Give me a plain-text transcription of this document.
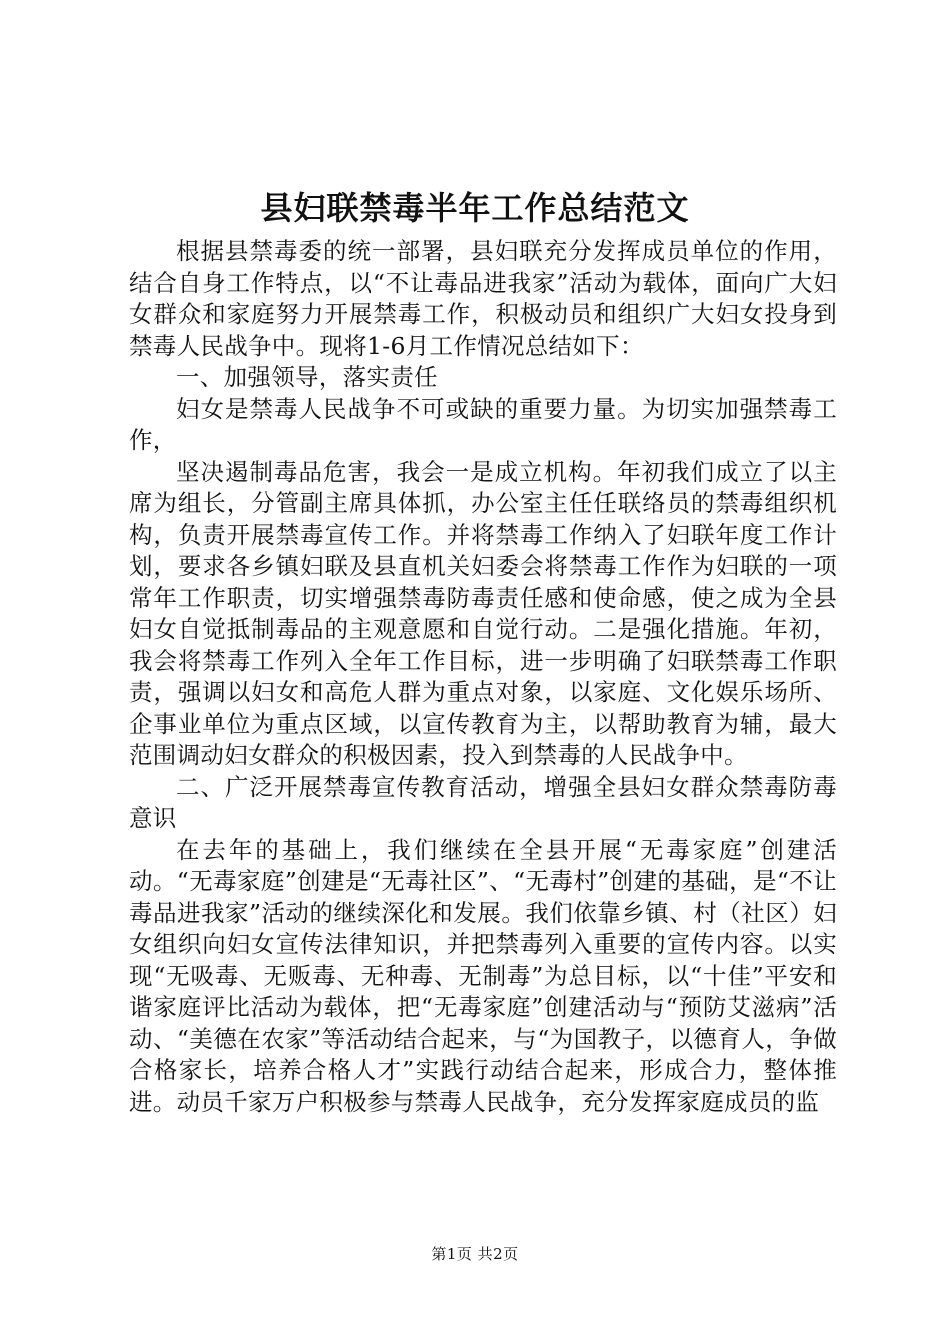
县妇联禁毒半年工作总结范文

根据县禁毒委的统一部署，县妇联充分发挥成员单位的作用，结合自身工作特点，以“不让毒品进我家”活动为载体，面向广大妇女群众和家庭努力开展禁毒工作，积极动员和组织广大妇女投身到禁毒人民战争中。现将1-6月工作情况总结如下：

一、加强领导，落实责任

妇女是禁毒人民战争不可或缺的重要力量。为切实加强禁毒工作，

坚决遏制毒品危害，我会一是成立机构。年初我们成立了以主席为组长，分管副主席具体抓，办公室主任任联络员的禁毒组织机构，负责开展禁毒宣传工作。并将禁毒工作纳入了妇联年度工作计划，要求各乡镇妇联及县直机关妇委会将禁毒工作作为妇联的一项常年工作职责，切实增强禁毒防毒责任感和使命感，使之成为全县妇女自觉抵制毒品的主观意愿和自觉行动。二是强化措施。年初，我会将禁毒工作列入全年工作目标，进一步明确了妇联禁毒工作职责，强调以妇女和高危人群为重点对象，以家庭、文化娱乐场所、企事业单位为重点区域，以宣传教育为主，以帮助教育为辅，最大范围调动妇女群众的积极因素，投入到禁毒的人民战争中。

二、广泛开展禁毒宣传教育活动，增强全县妇女群众禁毒防毒意识

在去年的基础上，我们继续在全县开展“无毒家庭”创建活动。“无毒家庭”创建是“无毒社区”、“无毒村”创建的基础，是“不让毒品进我家”活动的继续深化和发展。我们依靠乡镇、村（社区）妇女组织向妇女宣传法律知识，并把禁毒列入重要的宣传内容。以实现“无吸毒、无贩毒、无种毒、无制毒”为总目标，以“十佳”平安和谐家庭评比活动为载体，把“无毒家庭”创建活动与“预防艾滋病”活动、“美德在农家”等活动结合起来，与“为国教子，以德育人，争做合格家长，培养合格人才”实践行动结合起来，形成合力，整体推进。动员千家万户积极参与禁毒人民战争，充分发挥家庭成员的监

第1页 共2页
